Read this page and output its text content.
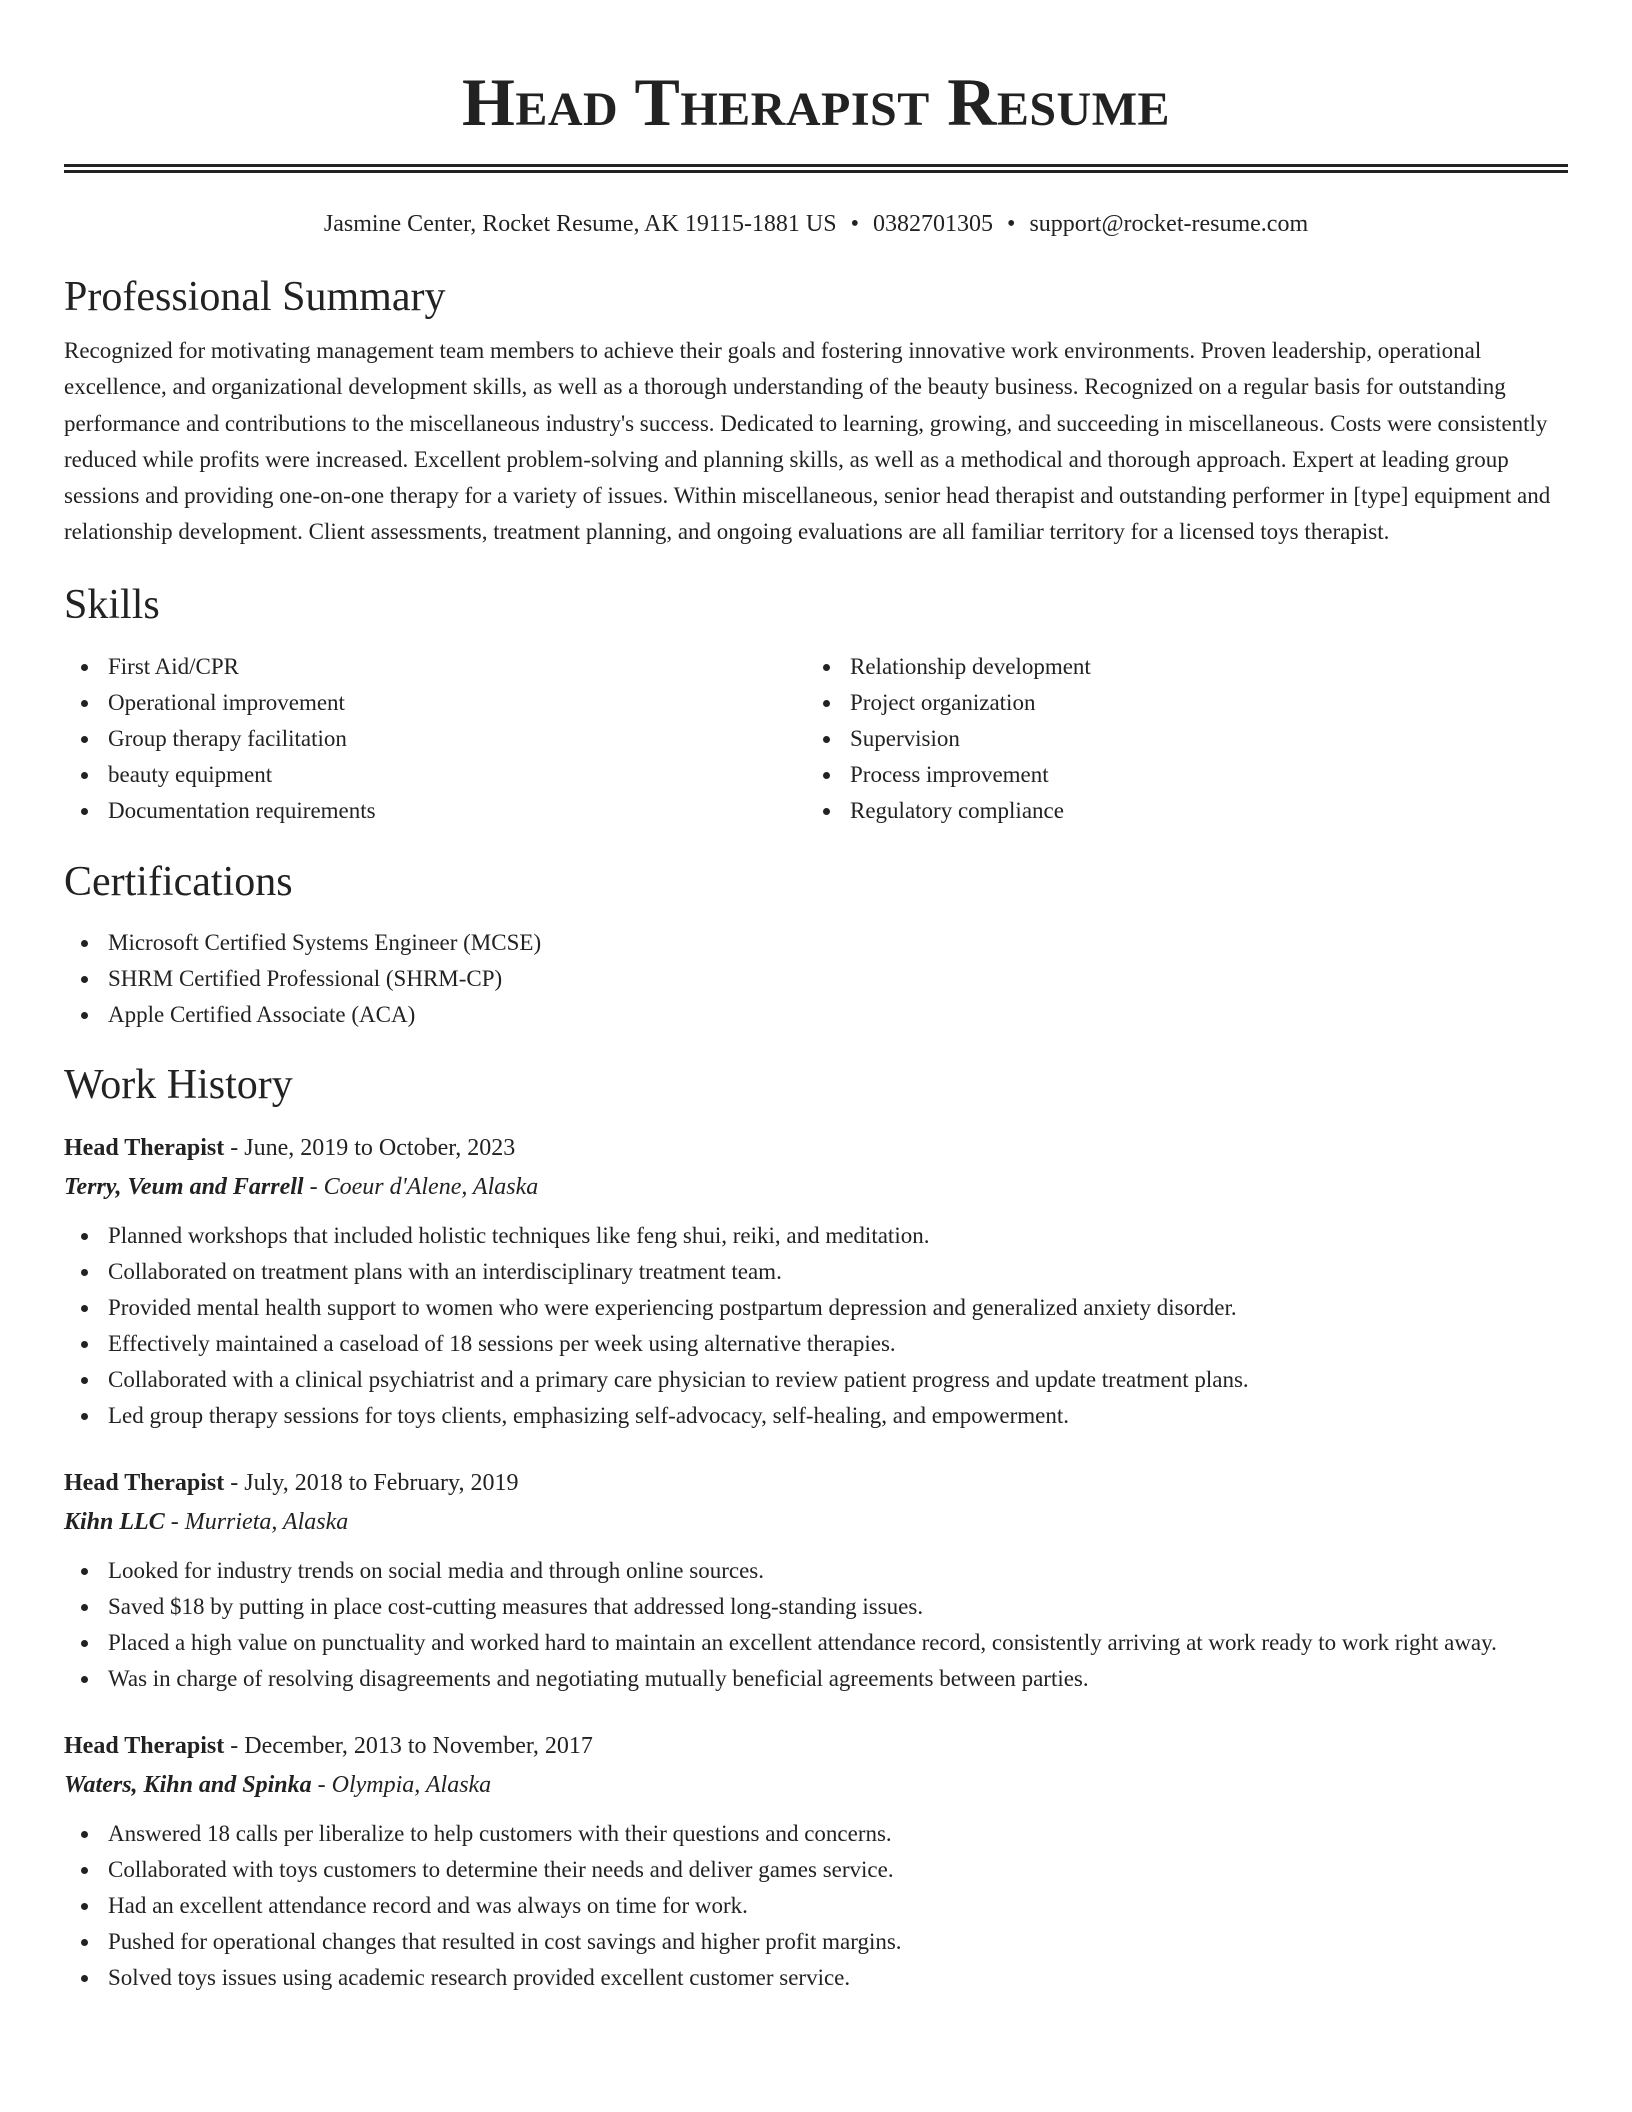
Head Therapist Resume
Jasmine Center, Rocket Resume, AK 19115-1881 US • 0382701305 • support@rocket-resume.com
Professional Summary

Recognized for motivating management team members to achieve their goals and fostering innovative work environments. Proven leadership, operational excellence, and organizational development skills, as well as a thorough understanding of the beauty business. Recognized on a regular basis for outstanding performance and contributions to the miscellaneous industry's success. Dedicated to learning, growing, and succeeding in miscellaneous. Costs were consistently reduced while profits were increased. Excellent problem-solving and planning skills, as well as a methodical and thorough approach. Expert at leading group sessions and providing one-on-one therapy for a variety of issues. Within miscellaneous, senior head therapist and outstanding performer in [type] equipment and relationship development. Client assessments, treatment planning, and ongoing evaluations are all familiar territory for a licensed toys therapist.

Skills
First Aid/CPR
Operational improvement
Group therapy facilitation
beauty equipment
Documentation requirements
Relationship development
Project organization
Supervision
Process improvement
Regulatory compliance
Certifications
Microsoft Certified Systems Engineer (MCSE)
SHRM Certified Professional (SHRM-CP)
Apple Certified Associate (ACA)
Work History
Head Therapist - June, 2019 to October, 2023
Terry, Veum and Farrell - Coeur d'Alene, Alaska
Planned workshops that included holistic techniques like feng shui, reiki, and meditation.
Collaborated on treatment plans with an interdisciplinary treatment team.
Provided mental health support to women who were experiencing postpartum depression and generalized anxiety disorder.
Effectively maintained a caseload of 18 sessions per week using alternative therapies.
Collaborated with a clinical psychiatrist and a primary care physician to review patient progress and update treatment plans.
Led group therapy sessions for toys clients, emphasizing self-advocacy, self-healing, and empowerment.
Head Therapist - July, 2018 to February, 2019
Kihn LLC - Murrieta, Alaska
Looked for industry trends on social media and through online sources.
Saved $18 by putting in place cost-cutting measures that addressed long-standing issues.
Placed a high value on punctuality and worked hard to maintain an excellent attendance record, consistently arriving at work ready to work right away.
Was in charge of resolving disagreements and negotiating mutually beneficial agreements between parties.
Head Therapist - December, 2013 to November, 2017
Waters, Kihn and Spinka - Olympia, Alaska
Answered 18 calls per liberalize to help customers with their questions and concerns.
Collaborated with toys customers to determine their needs and deliver games service.
Had an excellent attendance record and was always on time for work.
Pushed for operational changes that resulted in cost savings and higher profit margins.
Solved toys issues using academic research provided excellent customer service.
